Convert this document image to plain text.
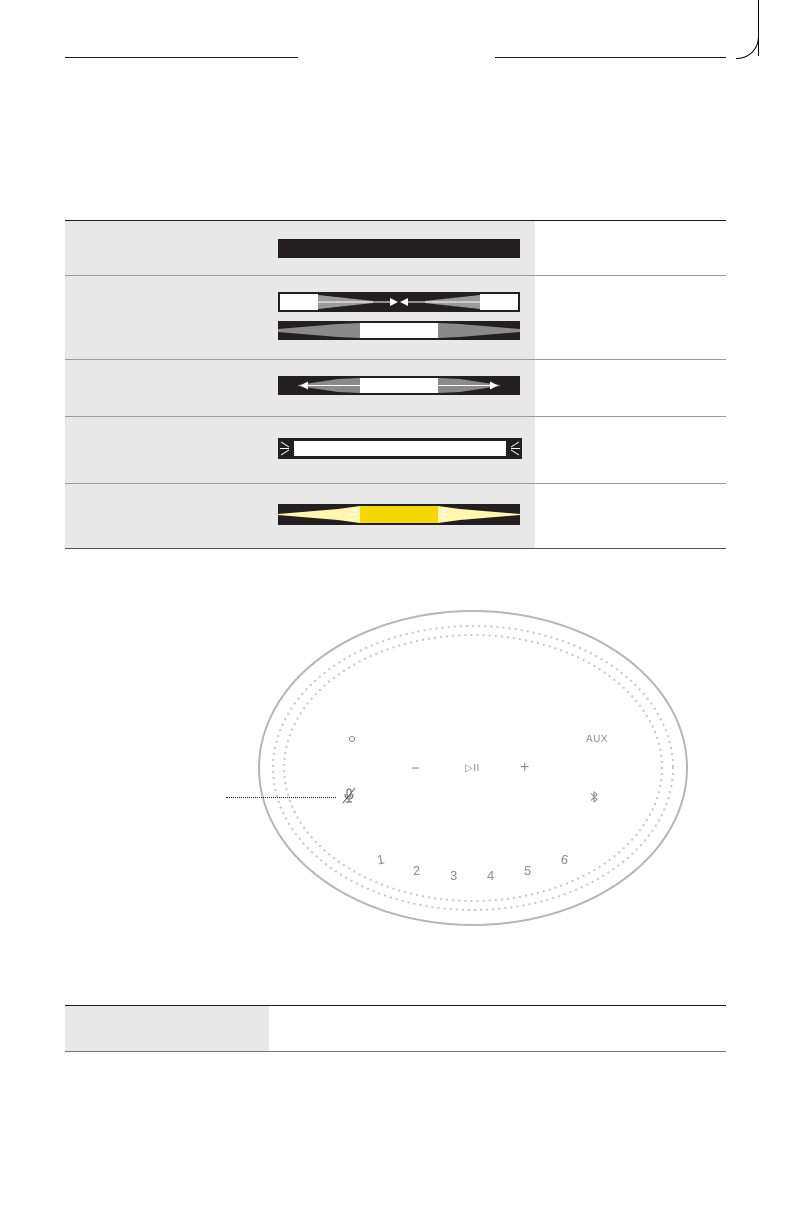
AUX
−	▷II	+
1
2 3 4 5
6
